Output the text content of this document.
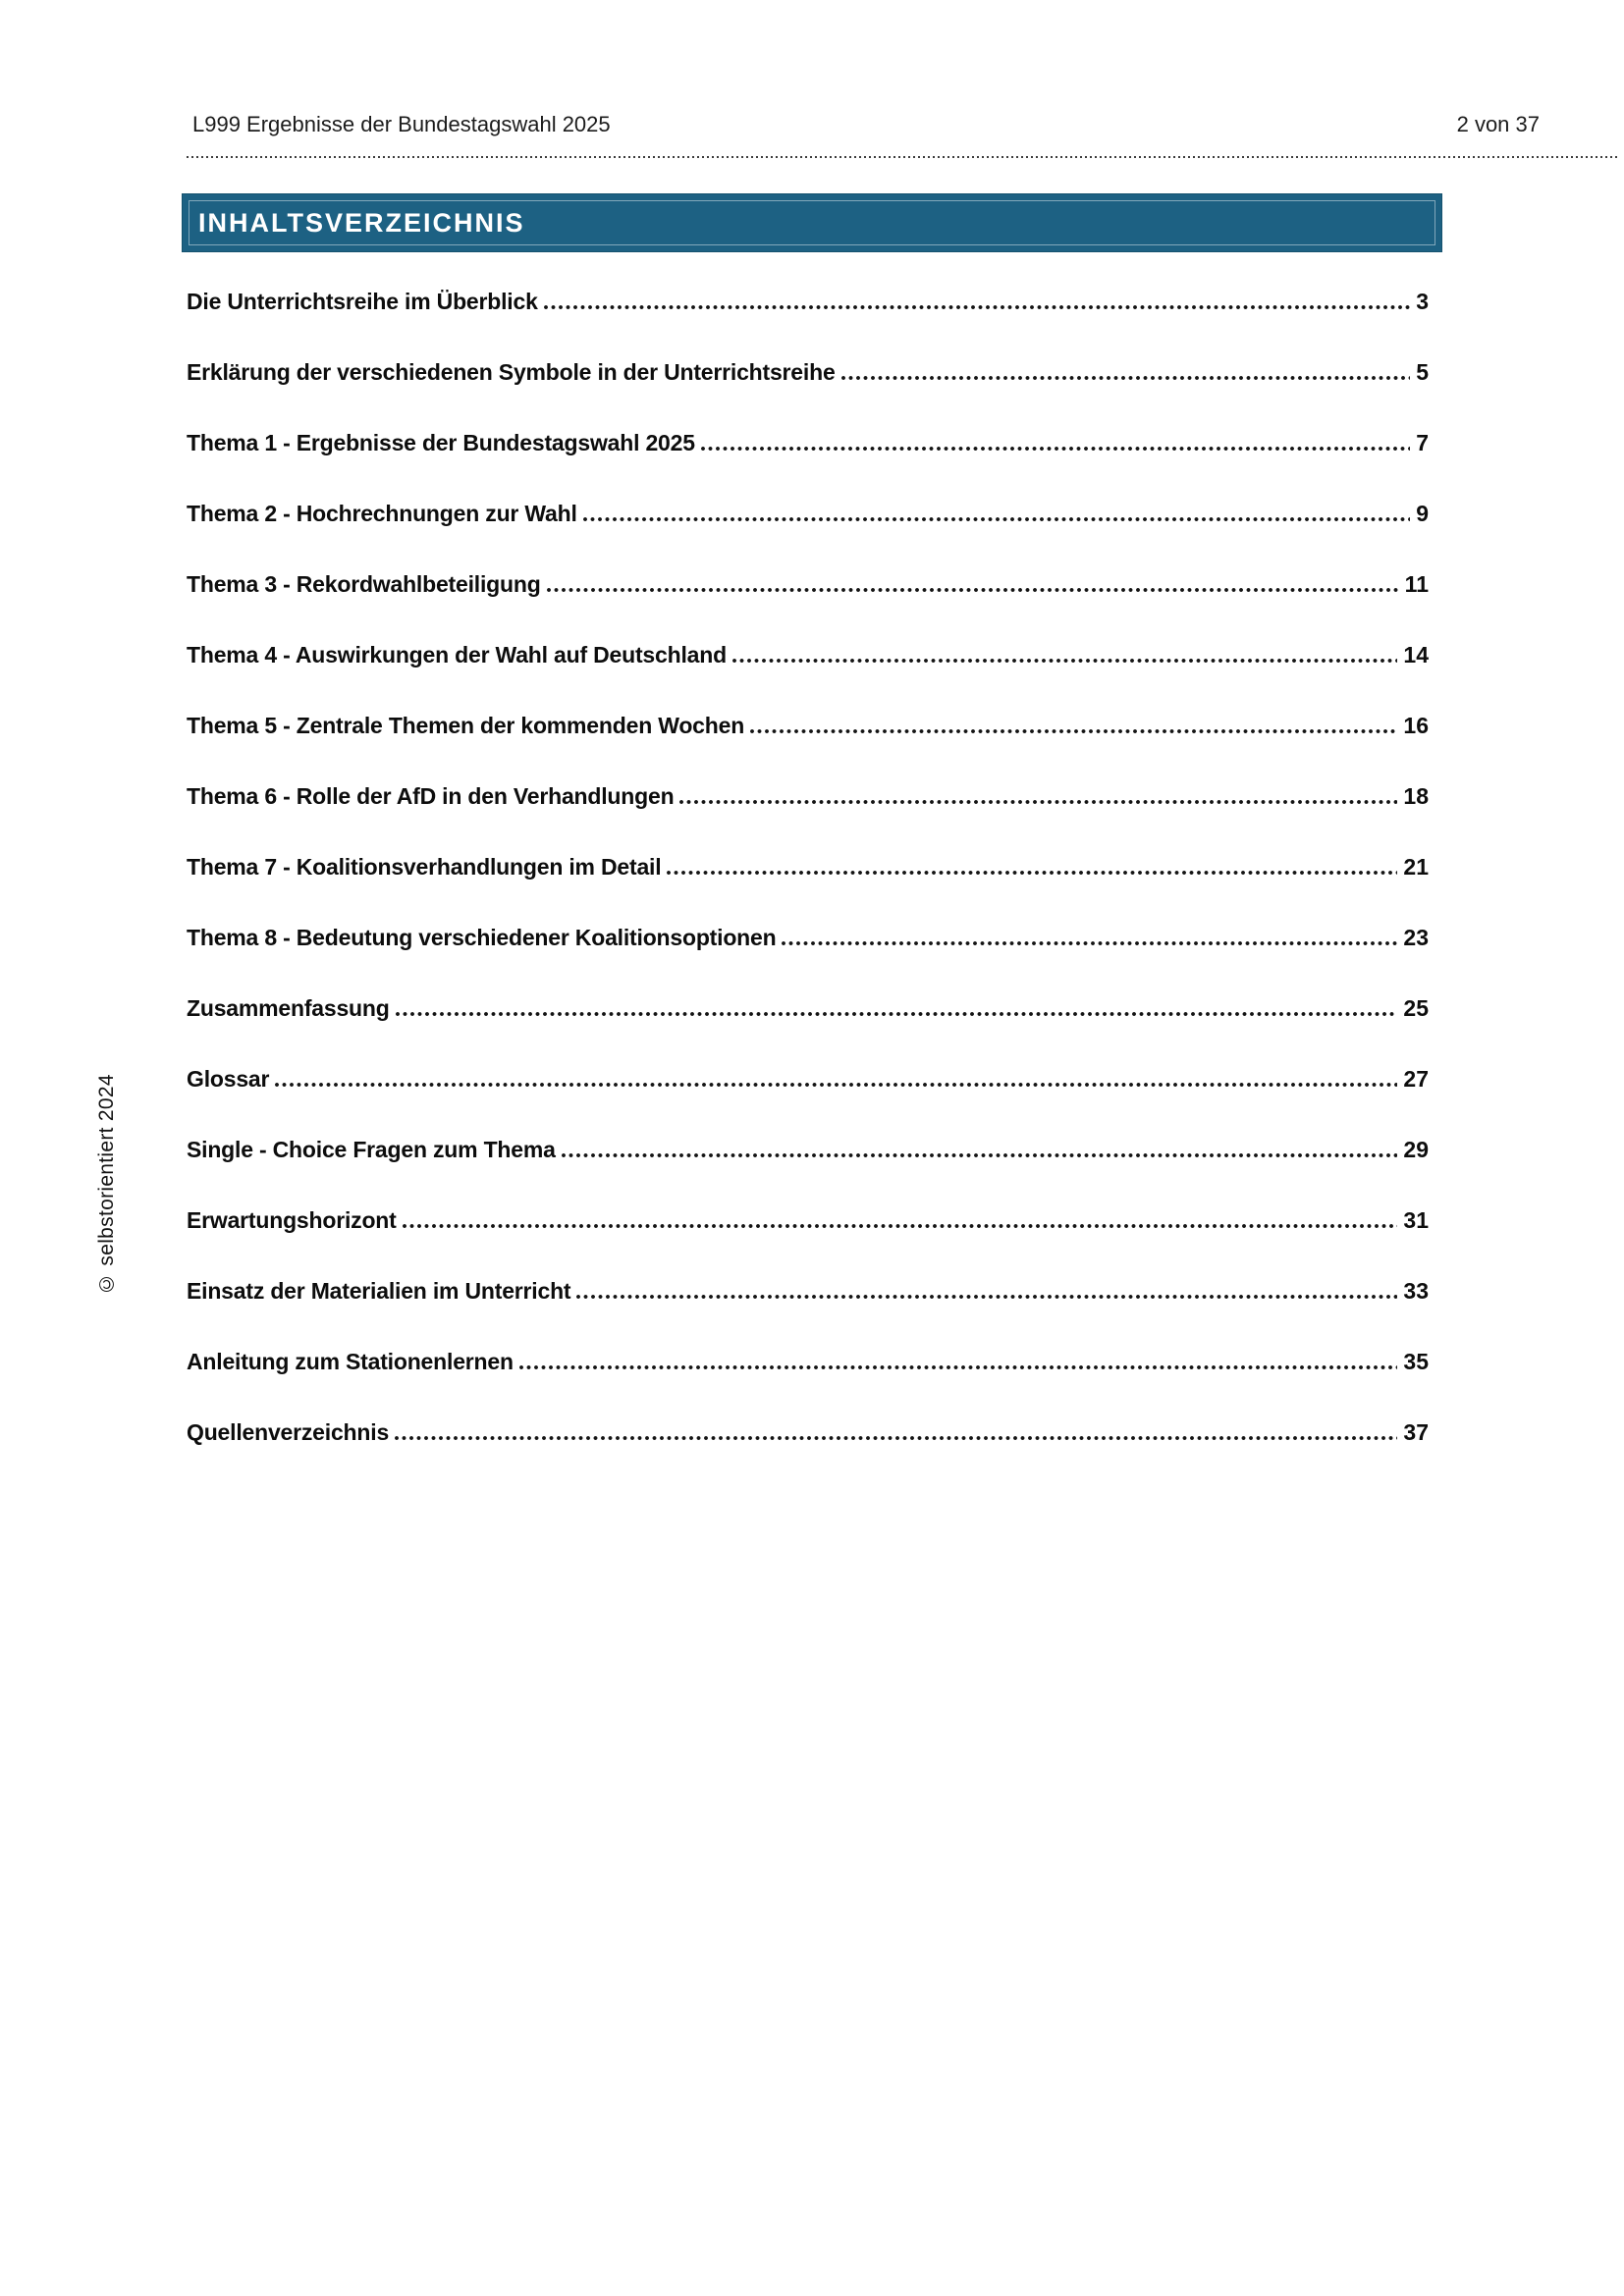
L999 Ergebnisse der Bundestagswahl 2025	2 von 37
INHALTSVERZEICHNIS
Die Unterrichtsreihe im Überblick	3
Erklärung der verschiedenen Symbole in der Unterrichtsreihe	5
Thema 1 - Ergebnisse der Bundestagswahl 2025	7
Thema 2 - Hochrechnungen zur Wahl	9
Thema 3 - Rekordwahlbeteiligung	11
Thema 4 - Auswirkungen der Wahl auf Deutschland	14
Thema 5 - Zentrale Themen der kommenden Wochen	16
Thema 6 - Rolle der AfD in den Verhandlungen	18
Thema 7 - Koalitionsverhandlungen im Detail	21
Thema 8 - Bedeutung verschiedener Koalitionsoptionen	23
Zusammenfassung	25
Glossar	27
Single - Choice Fragen zum Thema	29
Erwartungshorizont	31
Einsatz der Materialien im Unterricht	33
Anleitung zum Stationenlernen	35
Quellenverzeichnis	37
© selbstorientiert 2024
